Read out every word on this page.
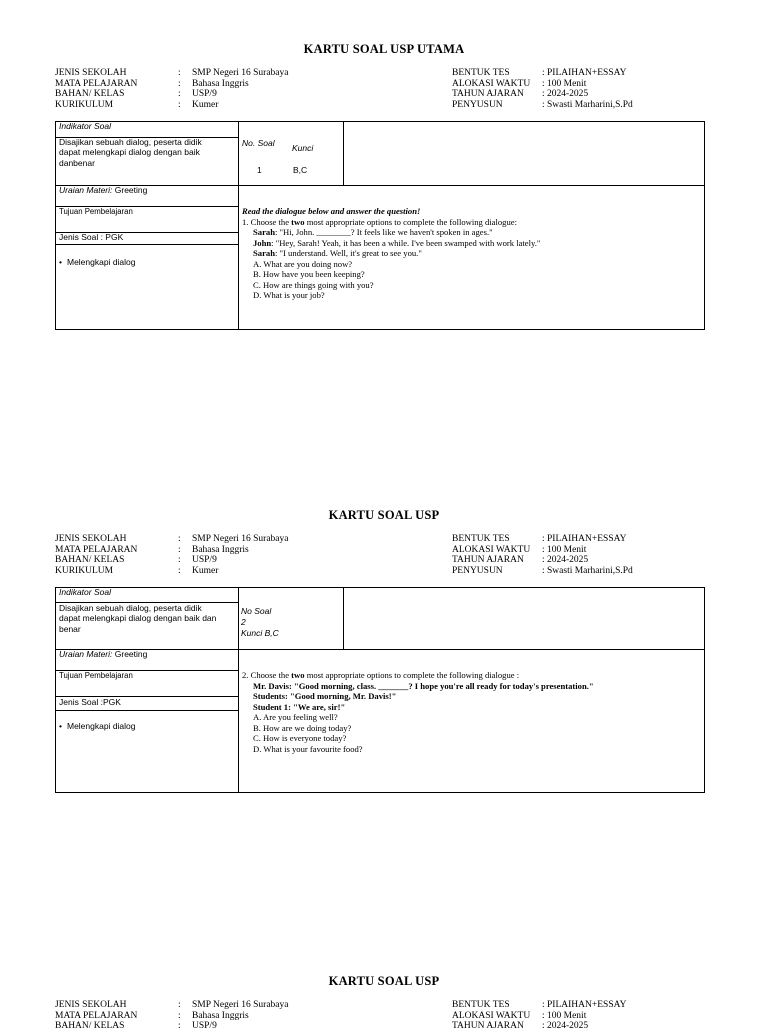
KARTU SOAL USP UTAMA
JENIS SEKOLAH	: SMP Negeri 16 Surabaya
MATA PELAJARAN	: Bahasa Inggris
BAHAN/ KELAS	: USP/9
KURIKULUM	: Kumer
BENTUK TES	: PILAIHAN+ESSAY
ALOKASI WAKTU : 100 Menit
TAHUN AJARAN : 2024-2025
PENYUSUN	: Swasti Marharini,S.Pd
Indikator Soal
Disajikan sebuah dialog, peserta didik
dapat melengkapi dialog dengan baik
danbenar
No. Soal Kunci
1	B,C
Uraian Materi: Greeting
Tujuan Pembelajaran
Jenis Soal : PGK
• Melengkapi dialog
Read the dialogue below and answer the question!
1. Choose the two most appropriate options to complete the following dialogue:
Sarah: "Hi, John. ________? It feels like we haven't spoken in ages."
John: "Hey, Sarah! Yeah, it has been a while. I've been swamped with work lately."
Sarah: "I understand. Well, it's great to see you."
A. What are you doing now?
B. How have you been keeping?
C. How are things going with you?
D. What is your job?
KARTU SOAL USP
JENIS SEKOLAH	: SMP Negeri 16 Surabaya
MATA PELAJARAN	: Bahasa Inggris
BAHAN/ KELAS	: USP/9
KURIKULUM	: Kumer
BENTUK TES	: PILAIHAN+ESSAY
ALOKASI WAKTU : 100 Menit
TAHUN AJARAN : 2024-2025
PENYUSUN	: Swasti Marharini,S.Pd
Indikator Soal
Disajikan sebuah dialog, peserta didik
dapat melengkapi dialog dengan baik dan
benar
No Soal
2
Kunci B,C
Uraian Materi: Greeting
Tujuan Pembelajaran
Jenis Soal :PGK
• Melengkapi dialog
2. Choose the two most appropriate options to complete the following dialogue :
Mr. Davis: "Good morning, class. _______? I hope you're all ready for today's presentation."
Students: "Good morning, Mr. Davis!"
Student 1: "We are, sir!"
A. Are you feeling well?
B. How are we doing today?
C. How is everyone today?
D. What is your favourite food?
KARTU SOAL USP
JENIS SEKOLAH	: SMP Negeri 16 Surabaya
MATA PELAJARAN	: Bahasa Inggris
BAHAN/ KELAS	: USP/9
BENTUK TES	: PILAIHAN+ESSAY
ALOKASI WAKTU : 100 Menit
TAHUN AJARAN : 2024-2025
